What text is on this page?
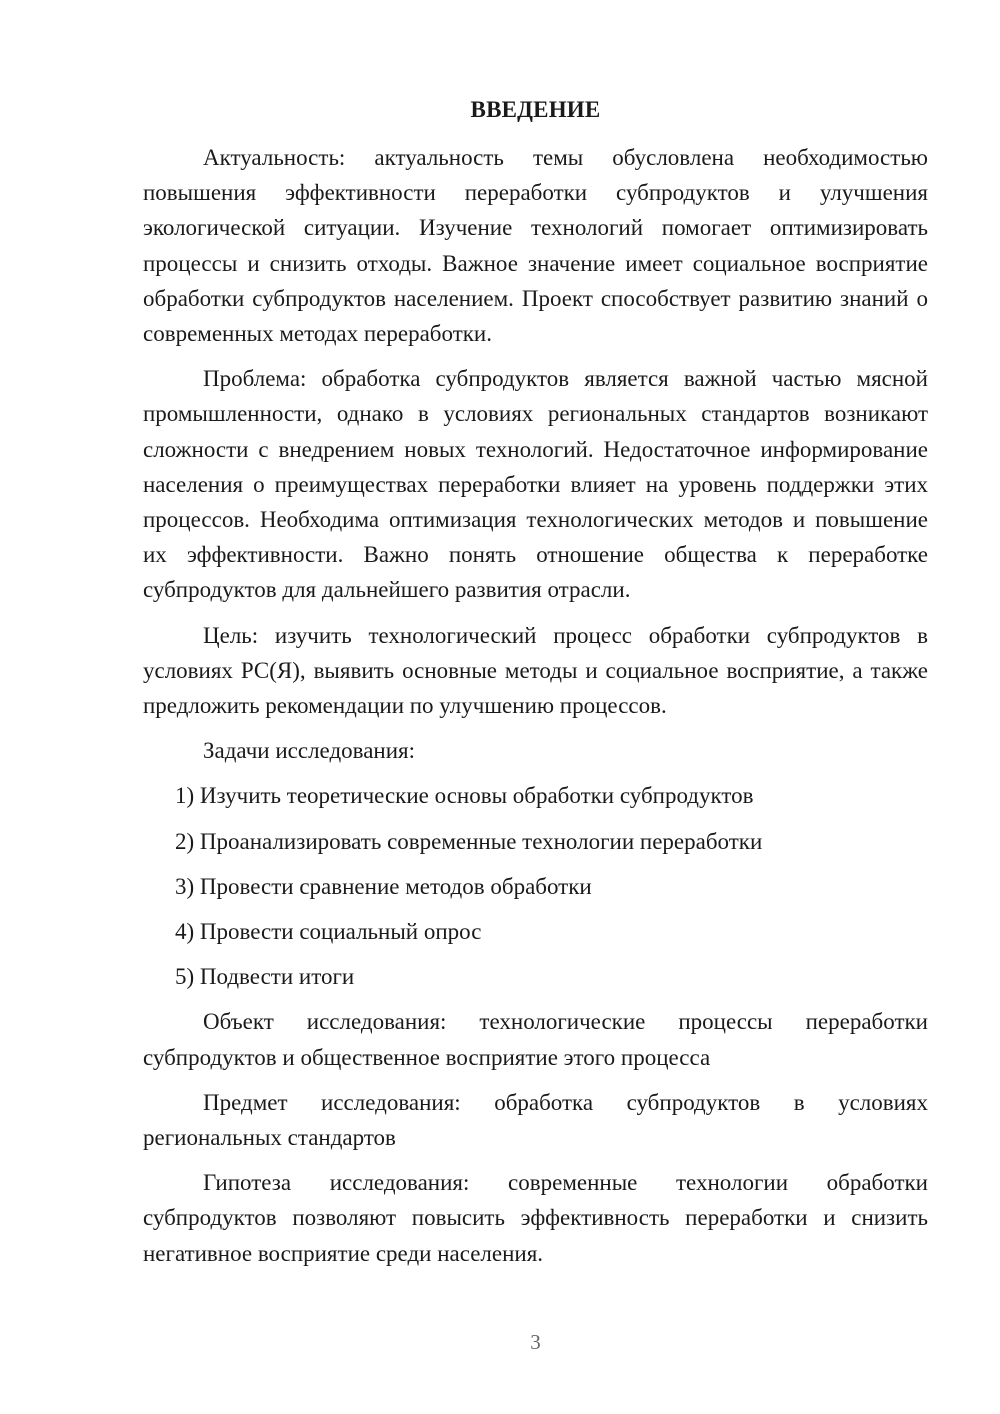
ВВЕДЕНИЕ

Актуальность: актуальность темы обусловлена необходимостью повышения эффективности переработки субпродуктов и улучшения экологической ситуации. Изучение технологий помогает оптимизировать процессы и снизить отходы. Важное значение имеет социальное восприятие обработки субпродуктов населением. Проект способствует развитию знаний о современных методах переработки.

Проблема: обработка субпродуктов является важной частью мясной промышленности, однако в условиях региональных стандартов возникают сложности с внедрением новых технологий. Недостаточное информирование населения о преимуществах переработки влияет на уровень поддержки этих процессов. Необходима оптимизация технологических методов и повышение их эффективности. Важно понять отношение общества к переработке субпродуктов для дальнейшего развития отрасли.

Цель: изучить технологический процесс обработки субпродуктов в условиях РС(Я), выявить основные методы и социальное восприятие, а также предложить рекомендации по улучшению процессов.

Задачи исследования:

1) Изучить теоретические основы обработки субпродуктов

2) Проанализировать современные технологии переработки

3) Провести сравнение методов обработки

4) Провести социальный опрос

5) Подвести итоги

Объект исследования: технологические процессы переработки субпродуктов и общественное восприятие этого процесса

Предмет исследования: обработка субпродуктов в условиях региональных стандартов

Гипотеза исследования: современные технологии обработки субпродуктов позволяют повысить эффективность переработки и снизить негативное восприятие среди населения.

3
